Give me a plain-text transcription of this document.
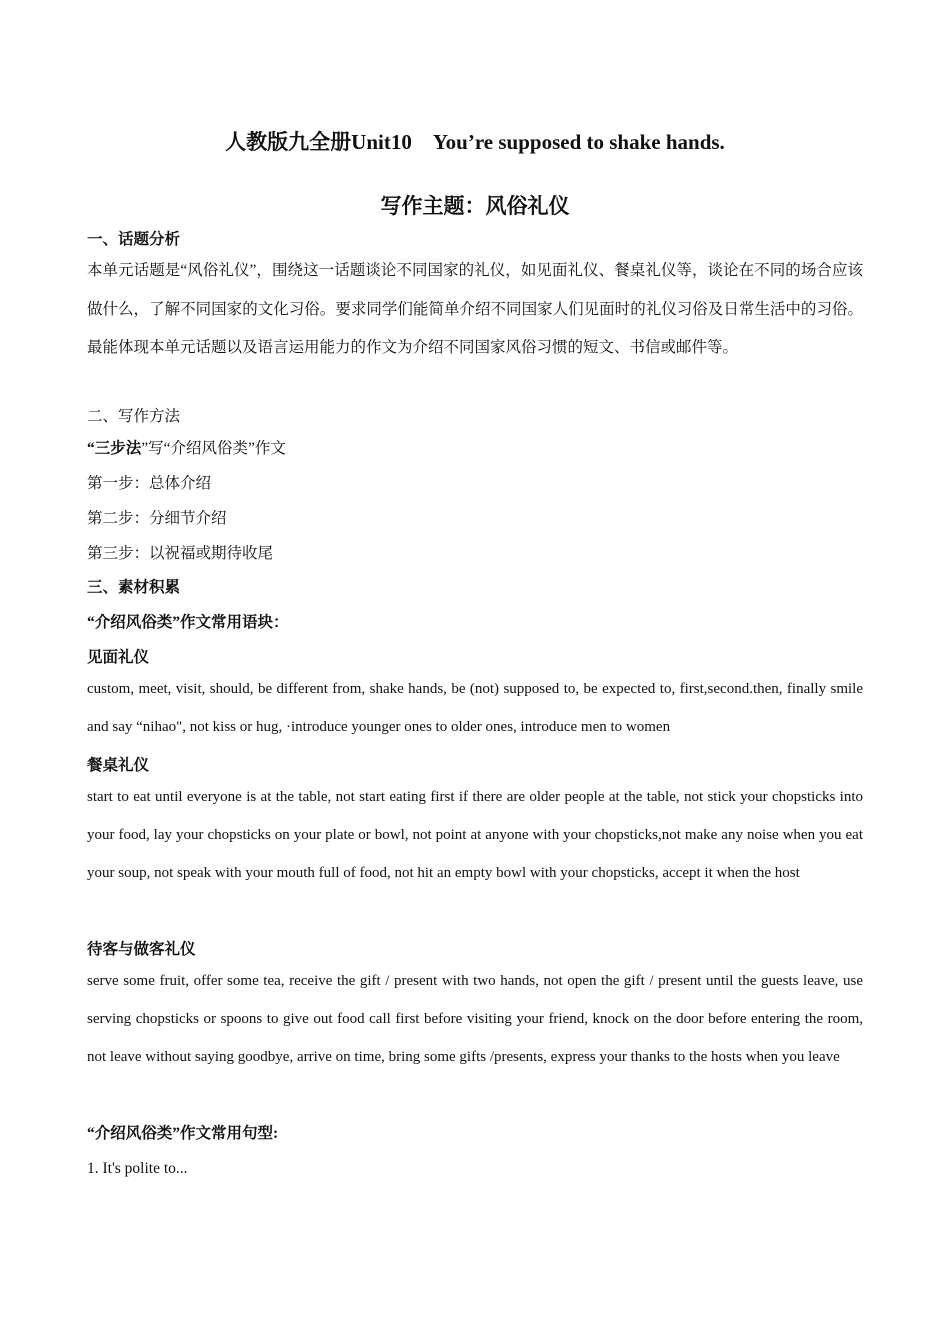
人教版九全册Unit10　You’re supposed to shake hands.
写作主题：风俗礼仪

一、话题分析

本单元话题是“风俗礼仪”，围绕这一话题谈论不同国家的礼仪，如见面礼仪、餐桌礼仪等，谈论在不同的场合应该做什么，了解不同国家的文化习俗。要求同学们能简单介绍不同国家人们见面时的礼仪习俗及日常生活中的习俗。最能体现本单元话题以及语言运用能力的作文为介绍不同国家风俗习惯的短文、书信或邮件等。

二、写作方法

“三步法”写“介绍风俗类”作文

第一步：总体介绍

第二步：分细节介绍

第三步：以祝福或期待收尾

三、素材积累

“介绍风俗类”作文常用语块：

见面礼仪

custom, meet, visit, should, be different from, shake hands, be (not) supposed to, be expected to, first,second.then, finally smile and say “nihao", not kiss or hug, ·introduce younger ones to older ones, introduce men to women

餐桌礼仪

start to eat until everyone is at the table, not start eating first if there are older people at the table, not stick your chopsticks into your food, lay your chopsticks on your plate or bowl, not point at anyone with your chopsticks,not make any noise when you eat your soup, not speak with your mouth full of food, not hit an empty bowl with your chopsticks, accept it when the host

待客与做客礼仪

serve some fruit, offer some tea, receive the gift / present with two hands, not open the gift / present until the guests leave, use serving chopsticks or spoons to give out food call first before visiting your friend, knock on the door before entering the room, not leave without saying goodbye, arrive on time, bring some gifts /presents, express your thanks to the hosts when you leave

“介绍风俗类”作文常用句型:

1. It's polite to...
